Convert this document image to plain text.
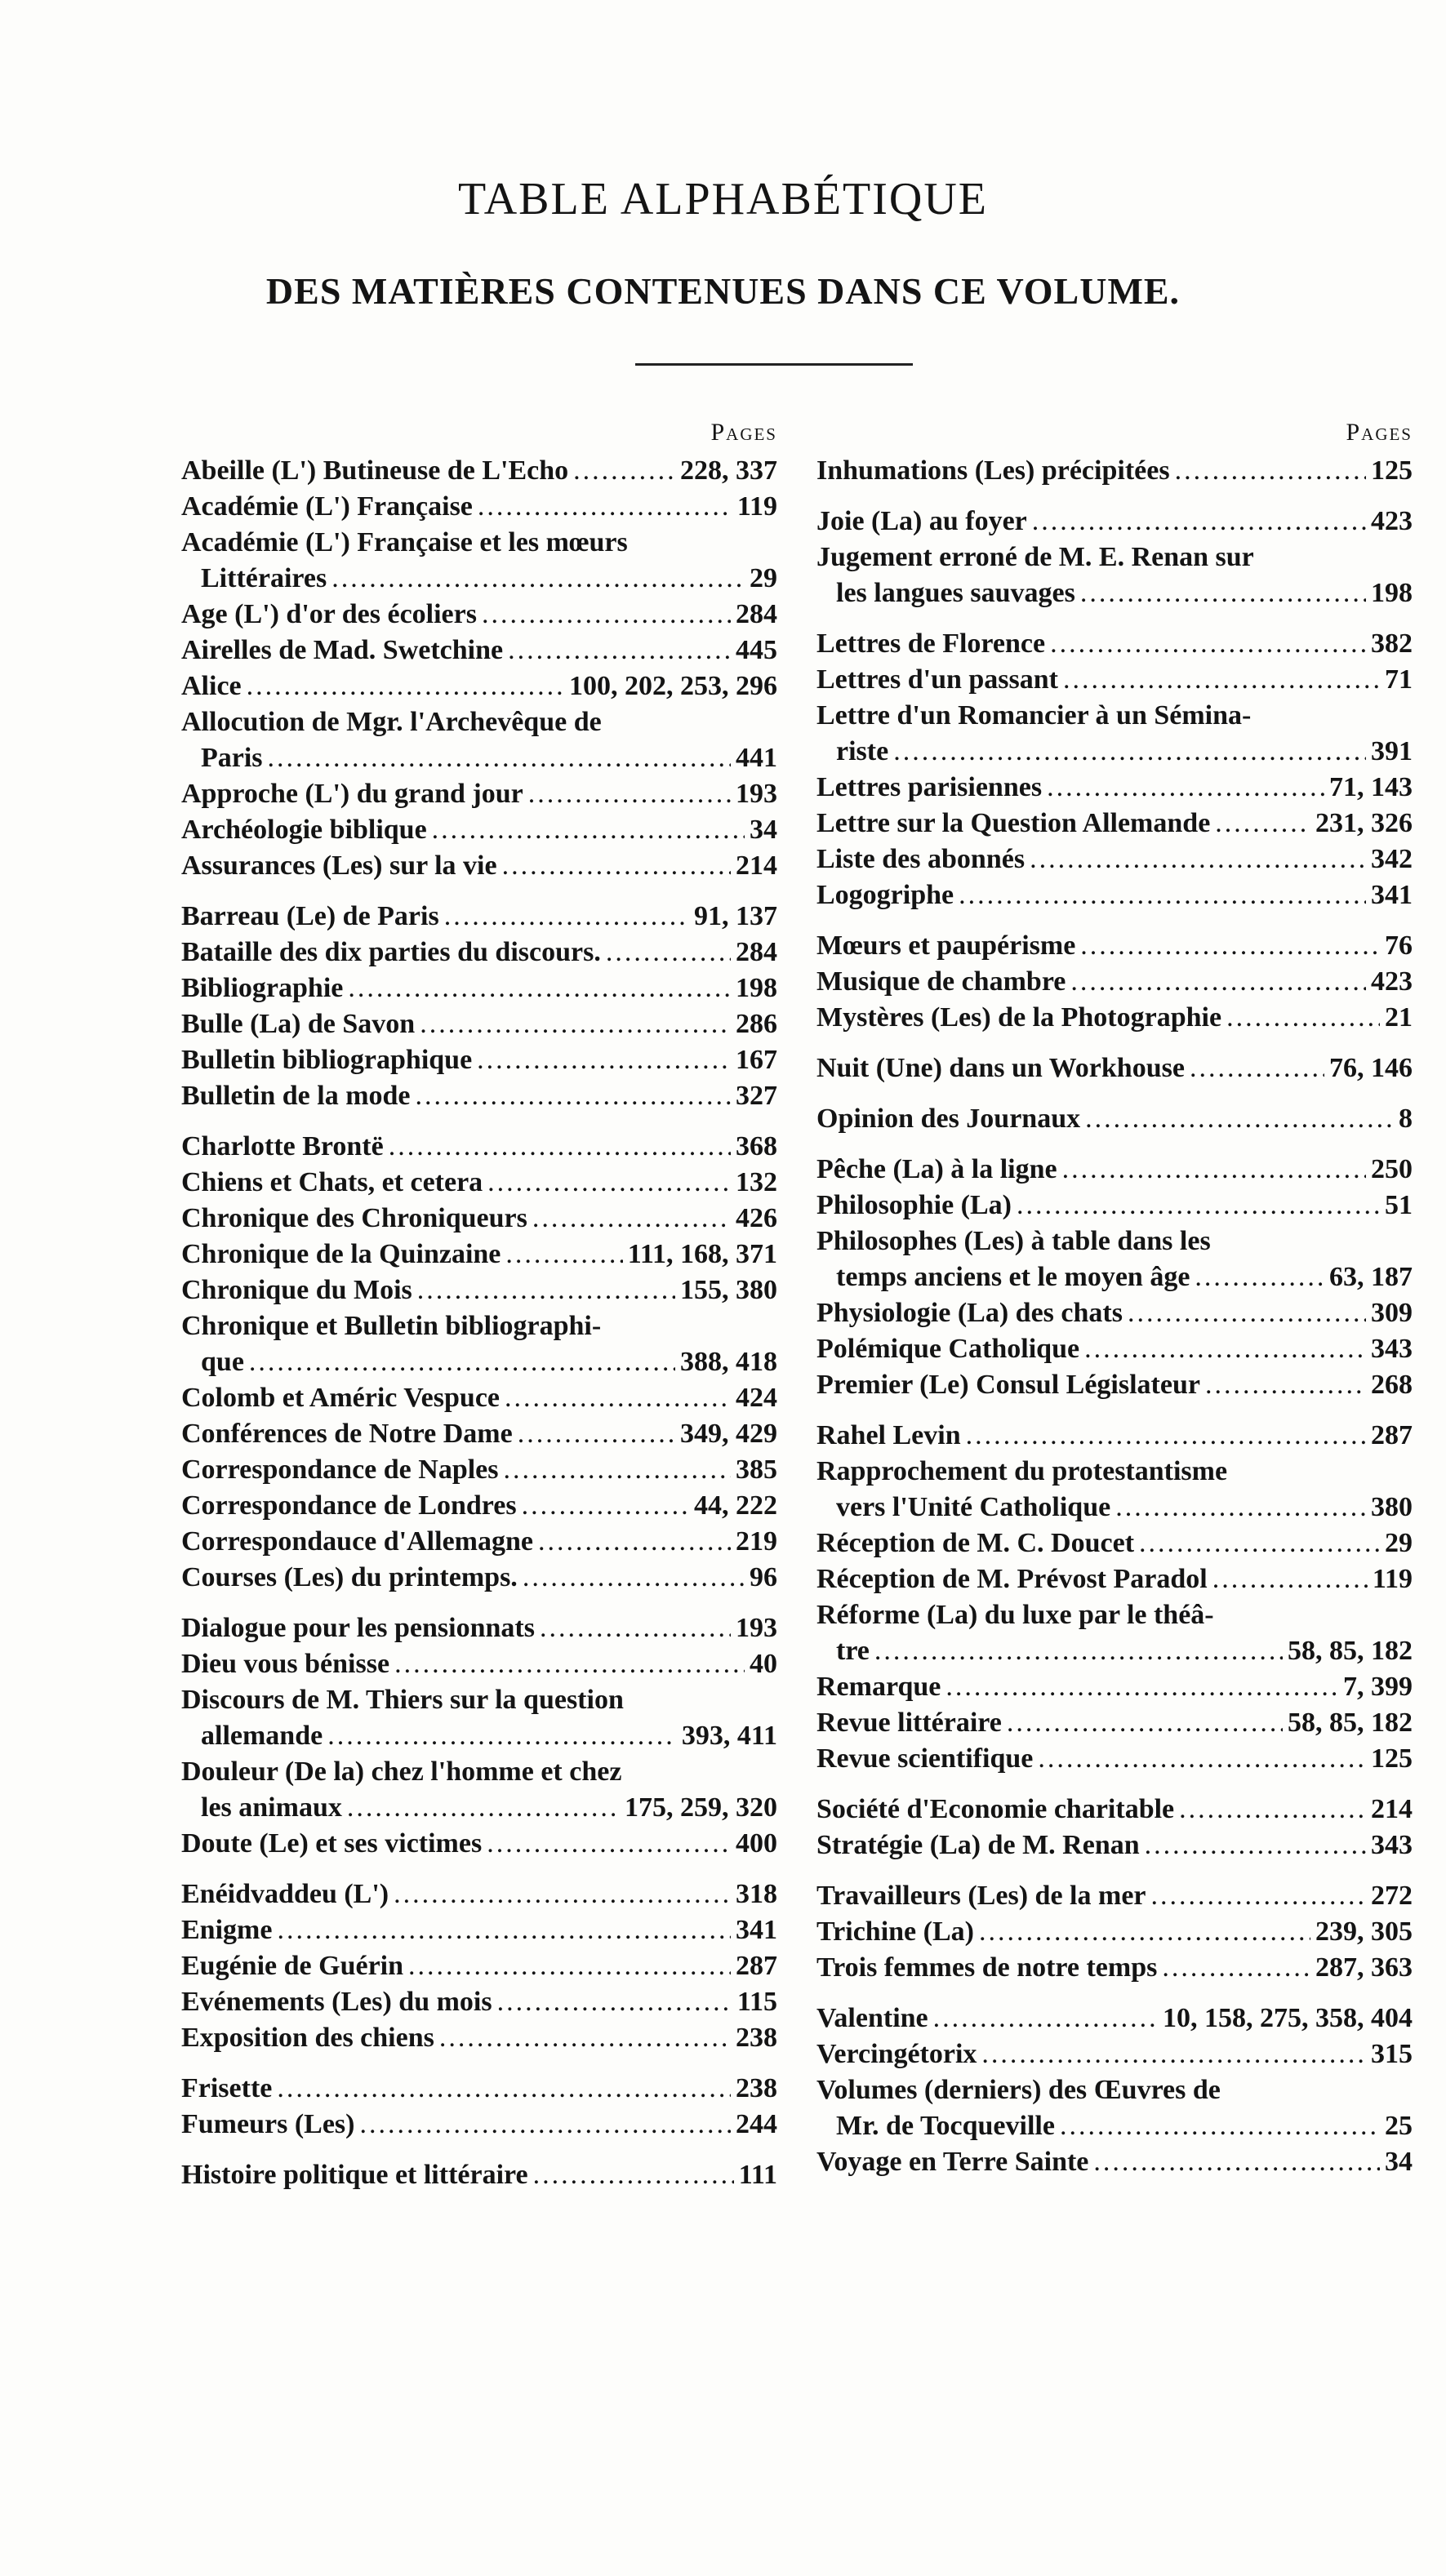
TABLE ALPHABÉTIQUE
DES MATIÈRES CONTENUES DANS CE VOLUME.
Pages
Abeille (L') Butineuse de L'Echo .....	228, 337
Académie (L') Française .....	119
Académie (L') Française et les mœurs
Littéraires .....	29
Age (L') d'or des écoliers .....	284
Airelles de Mad. Swetchine .....	445
Alice .....	100, 202, 253, 296
Allocution de Mgr. l'Archevêque de
Paris .....	441
Approche (L') du grand jour .....	193
Archéologie biblique .....	34
Assurances (Les) sur la vie .....	214
Barreau (Le) de Paris .....	91, 137
Bataille des dix parties du discours. .....	284
Bibliographie .....	198
Bulle (La) de Savon .....	286
Bulletin bibliographique .....	167
Bulletin de la mode .....	327
Charlotte Brontë .....	368
Chiens et Chats, et cetera .....	132
Chronique des Chroniqueurs .....	426
Chronique de la Quinzaine .....	111, 168, 371
Chronique du Mois .....	155, 380
Chronique et Bulletin bibliographi-
que .....	388, 418
Colomb et Améric Vespuce .....	424
Conférences de Notre Dame .....	349, 429
Correspondance de Naples .....	385
Correspondance de Londres .....	44, 222
Correspondauce d'Allemagne .....	219
Courses (Les) du printemps. .....	96
Dialogue pour les pensionnats .....	193
Dieu vous bénisse .....	40
Discours de M. Thiers sur la question
allemande .....	393, 411
Douleur (De la) chez l'homme et chez
les animaux .....	175, 259, 320
Doute (Le) et ses victimes .....	400
Enéidvaddeu (L') .....	318
Enigme .....	341
Eugénie de Guérin .....	287
Evénements (Les) du mois .....	115
Exposition des chiens .....	238
Frisette .....	238
Fumeurs (Les) .....	244
Histoire politique et littéraire .....	111
Pages
Inhumations (Les) précipitées .....	125
Joie (La) au foyer .....	423
Jugement erroné de M. E. Renan sur
les langues sauvages .....	198
Lettres de Florence .....	382
Lettres d'un passant .....	71
Lettre d'un Romancier à un Sémina-
riste .....	391
Lettres parisiennes .....	71, 143
Lettre sur la Question Allemande .....	231, 326
Liste des abonnés .....	342
Logogriphe .....	341
Mœurs et paupérisme .....	76
Musique de chambre .....	423
Mystères (Les) de la Photographie .....	21
Nuit (Une) dans un Workhouse .....	76, 146
Opinion des Journaux .....	8
Pêche (La) à la ligne .....	250
Philosophie (La) .....	51
Philosophes (Les) à table dans les
temps anciens et le moyen âge .....	63, 187
Physiologie (La) des chats .....	309
Polémique Catholique .....	343
Premier (Le) Consul Législateur .....	268
Rahel Levin .....	287
Rapprochement du protestantisme
vers l'Unité Catholique .....	380
Réception de M. C. Doucet .....	29
Réception de M. Prévost Paradol .....	119
Réforme (La) du luxe par le théâ-
tre .....	58, 85, 182
Remarque .....	7, 399
Revue littéraire .....	58, 85, 182
Revue scientifique .....	125
Société d'Economie charitable .....	214
Stratégie (La) de M. Renan .....	343
Travailleurs (Les) de la mer .....	272
Trichine (La) .....	239, 305
Trois femmes de notre temps .....	287, 363
Valentine .....	10, 158, 275, 358, 404
Vercingétorix .....	315
Volumes (derniers) des Œuvres de
Mr. de Tocqueville .....	25
Voyage en Terre Sainte .....	34
